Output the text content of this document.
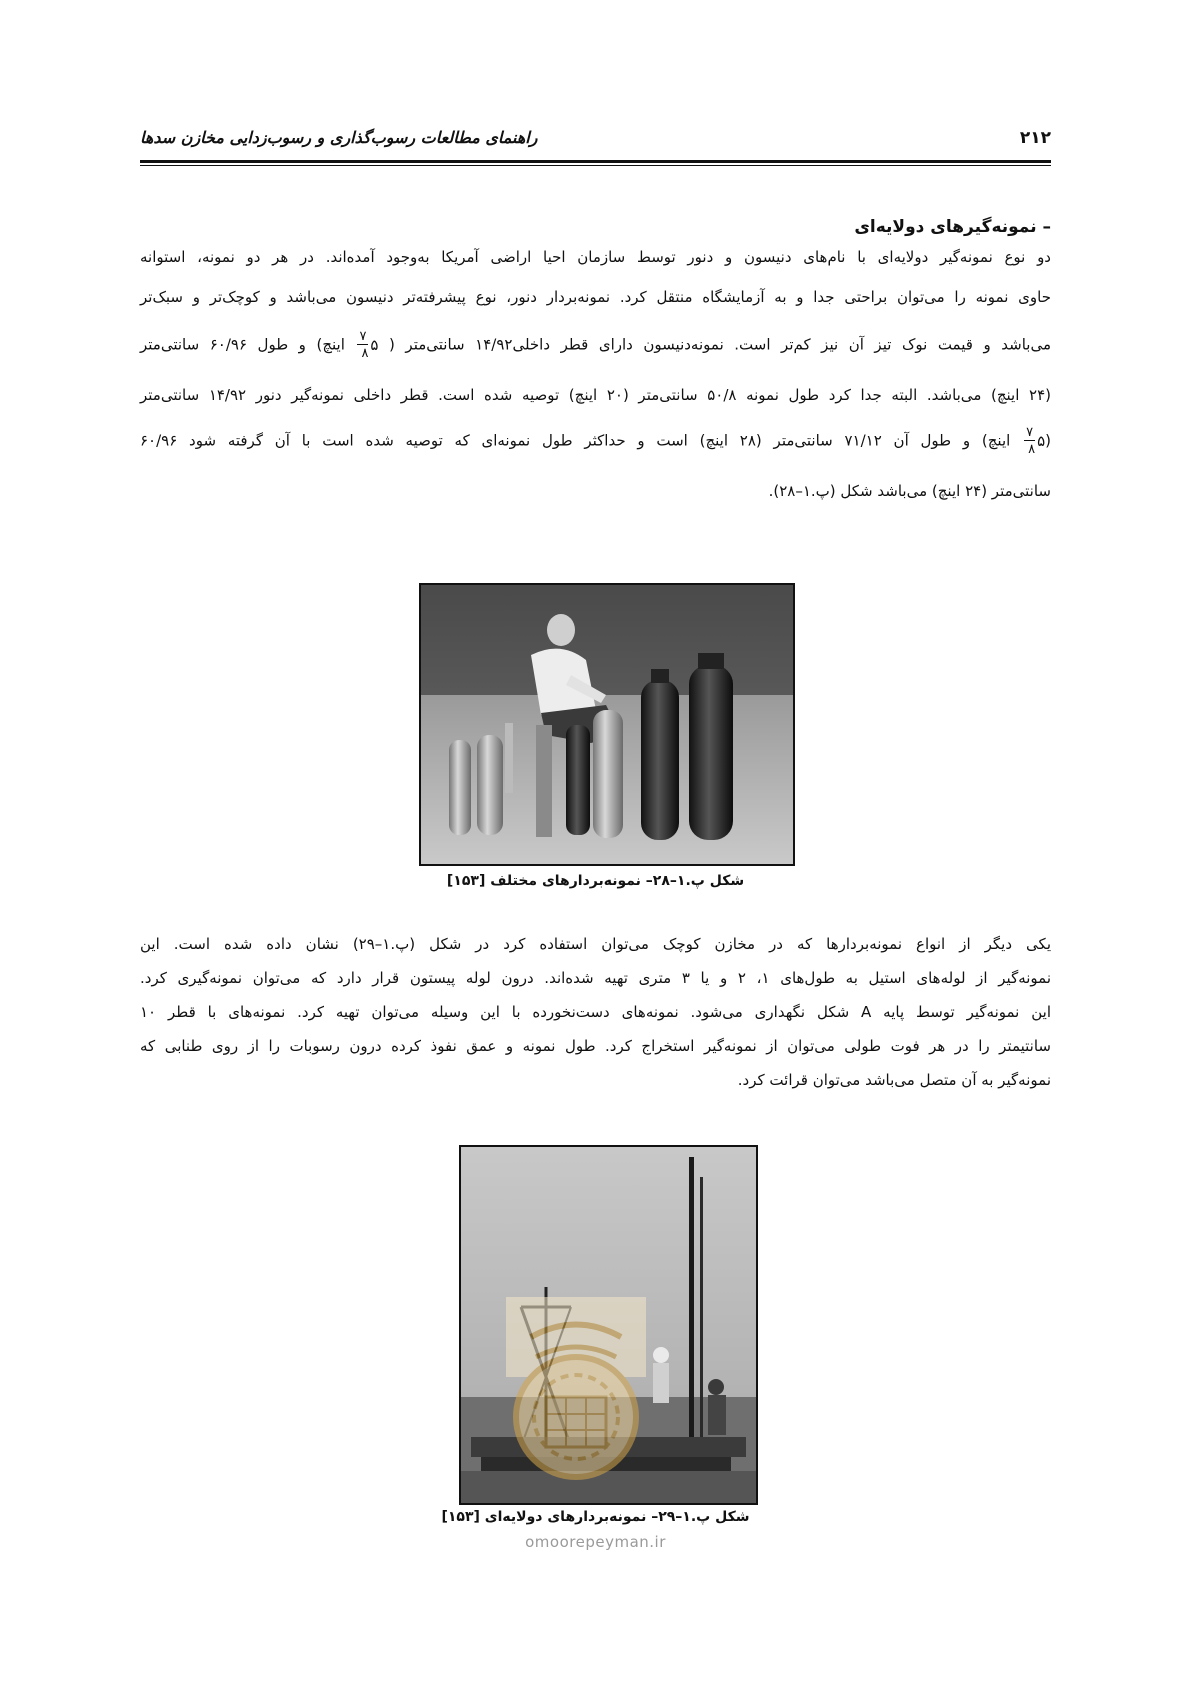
۲۱۲
راهنمای مطالعات رسوب‌گذاری و رسوب‌زدایی مخازن سدها
– نمونه‌گیرهای دولایه‌ای
دو نوع نمونه‌گیر دولایه‌ای با نام‌های دنیسون و دنور توسط سازمان احیا اراضی آمریکا به‌وجود آمده‌اند. در هر دو نمونه، استوانه
حاوی نمونه را می‌توان براحتی جدا و به آزمایشگاه منتقل کرد. نمونه‌بردار دنور، نوع پیشرفته‌تر دنیسون می‌باشد و کوچک‌تر و سبک‌تر
می‌باشد و قیمت نوک تیز آن نیز کم‌تر است. نمونه‌دنیسون دارای قطر داخلی۱۴/۹۲ سانتی‌متر ( ۵
$\frac{۷}{۸}$
اینچ) و طول ۶۰/۹۶ سانتی‌متر
(۲۴ اینچ) می‌باشد. البته جدا کرد طول نمونه ۵۰/۸ سانتی‌متر (۲۰ اینچ) توصیه شده است. قطر داخلی نمونه‌گیر دنور ۱۴/۹۲ سانتی‌متر
(۵
$\frac{۷}{۸}$
اینچ) و طول آن ۷۱/۱۲ سانتی‌متر (۲۸ اینچ) است و حداکثر طول نمونه‌ای که توصیه شده است با آن گرفته شود ۶۰/۹۶
سانتی‌متر (۲۴ اینچ) می‌باشد شکل (پ.۱–۲۸).
شکل پ.۱–۲۸– نمونه‌بردارهای مختلف [۱۵۳]
یکی دیگر از انواع نمونه‌بردارها که در مخازن کوچک می‌توان استفاده کرد در شکل (پ.۱–۲۹) نشان داده شده است. این
نمونه‌گیر از لوله‌های استیل به طول‌های ۱، ۲ و یا ۳ متری تهیه شده‌اند. درون لوله پیستون قرار دارد که می‌توان نمونه‌گیری کرد.
این نمونه‌گیر توسط پایه A شکل نگهداری می‌شود. نمونه‌های دست‌نخورده با این وسیله می‌توان تهیه کرد. نمونه‌های با قطر ۱۰
سانتیمتر را در هر فوت طولی می‌توان از نمونه‌گیر استخراج کرد. طول نمونه و عمق نفوذ کرده درون رسوبات را از روی طنابی که
نمونه‌گیر به آن متصل می‌باشد می‌توان قرائت کرد.
شکل پ.۱–۲۹– نمونه‌بردارهای دولایه‌ای [۱۵۳]
omoorepeyman.ir
